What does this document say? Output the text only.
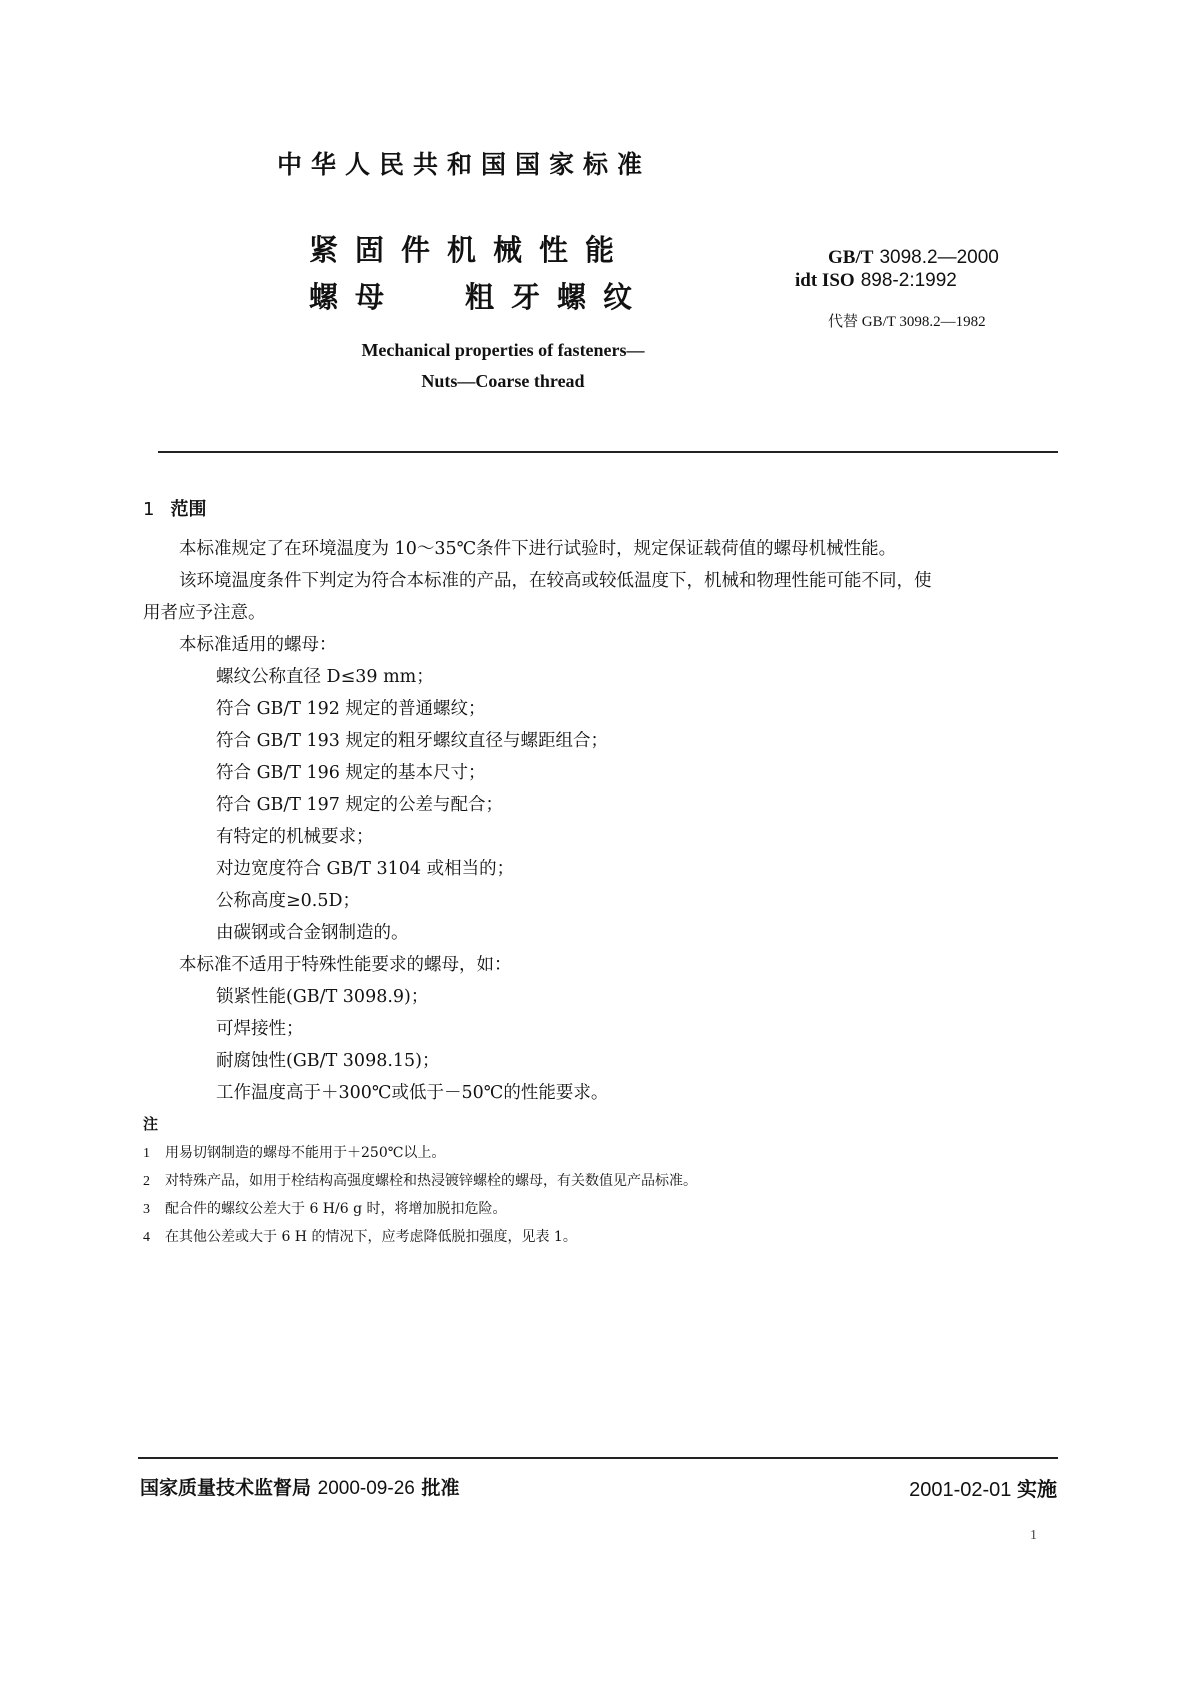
中华人民共和国国家标准
紧固件机械性能
螺母 粗牙螺纹
GB/T 3098.2—2000
idt ISO 898-2:1992
代替 GB/T 3098.2—1982
Mechanical properties of fasteners—
Nuts—Coarse thread
1 范围
本标准规定了在环境温度为 10～35℃条件下进行试验时，规定保证载荷值的螺母机械性能。
该环境温度条件下判定为符合本标准的产品，在较高或较低温度下，机械和物理性能可能不同，使
用者应予注意。
本标准适用的螺母：
螺纹公称直径 D≤39 mm；
符合 GB/T 192 规定的普通螺纹；
符合 GB/T 193 规定的粗牙螺纹直径与螺距组合；
符合 GB/T 196 规定的基本尺寸；
符合 GB/T 197 规定的公差与配合；
有特定的机械要求；
对边宽度符合 GB/T 3104 或相当的；
公称高度≥0.5D；
由碳钢或合金钢制造的。
本标准不适用于特殊性能要求的螺母，如：
锁紧性能(GB/T 3098.9)；
可焊接性；
耐腐蚀性(GB/T 3098.15)；
工作温度高于＋300℃或低于－50℃的性能要求。
注
1 用易切钢制造的螺母不能用于＋250℃以上。
2 对特殊产品，如用于栓结构高强度螺栓和热浸镀锌螺栓的螺母，有关数值见产品标准。
3 配合件的螺纹公差大于 6 H/6 g 时，将增加脱扣危险。
4 在其他公差或大于 6 H 的情况下，应考虑降低脱扣强度，见表 1。
国家质量技术监督局 2000-09-26 批准	2001-02-01 实施
1
